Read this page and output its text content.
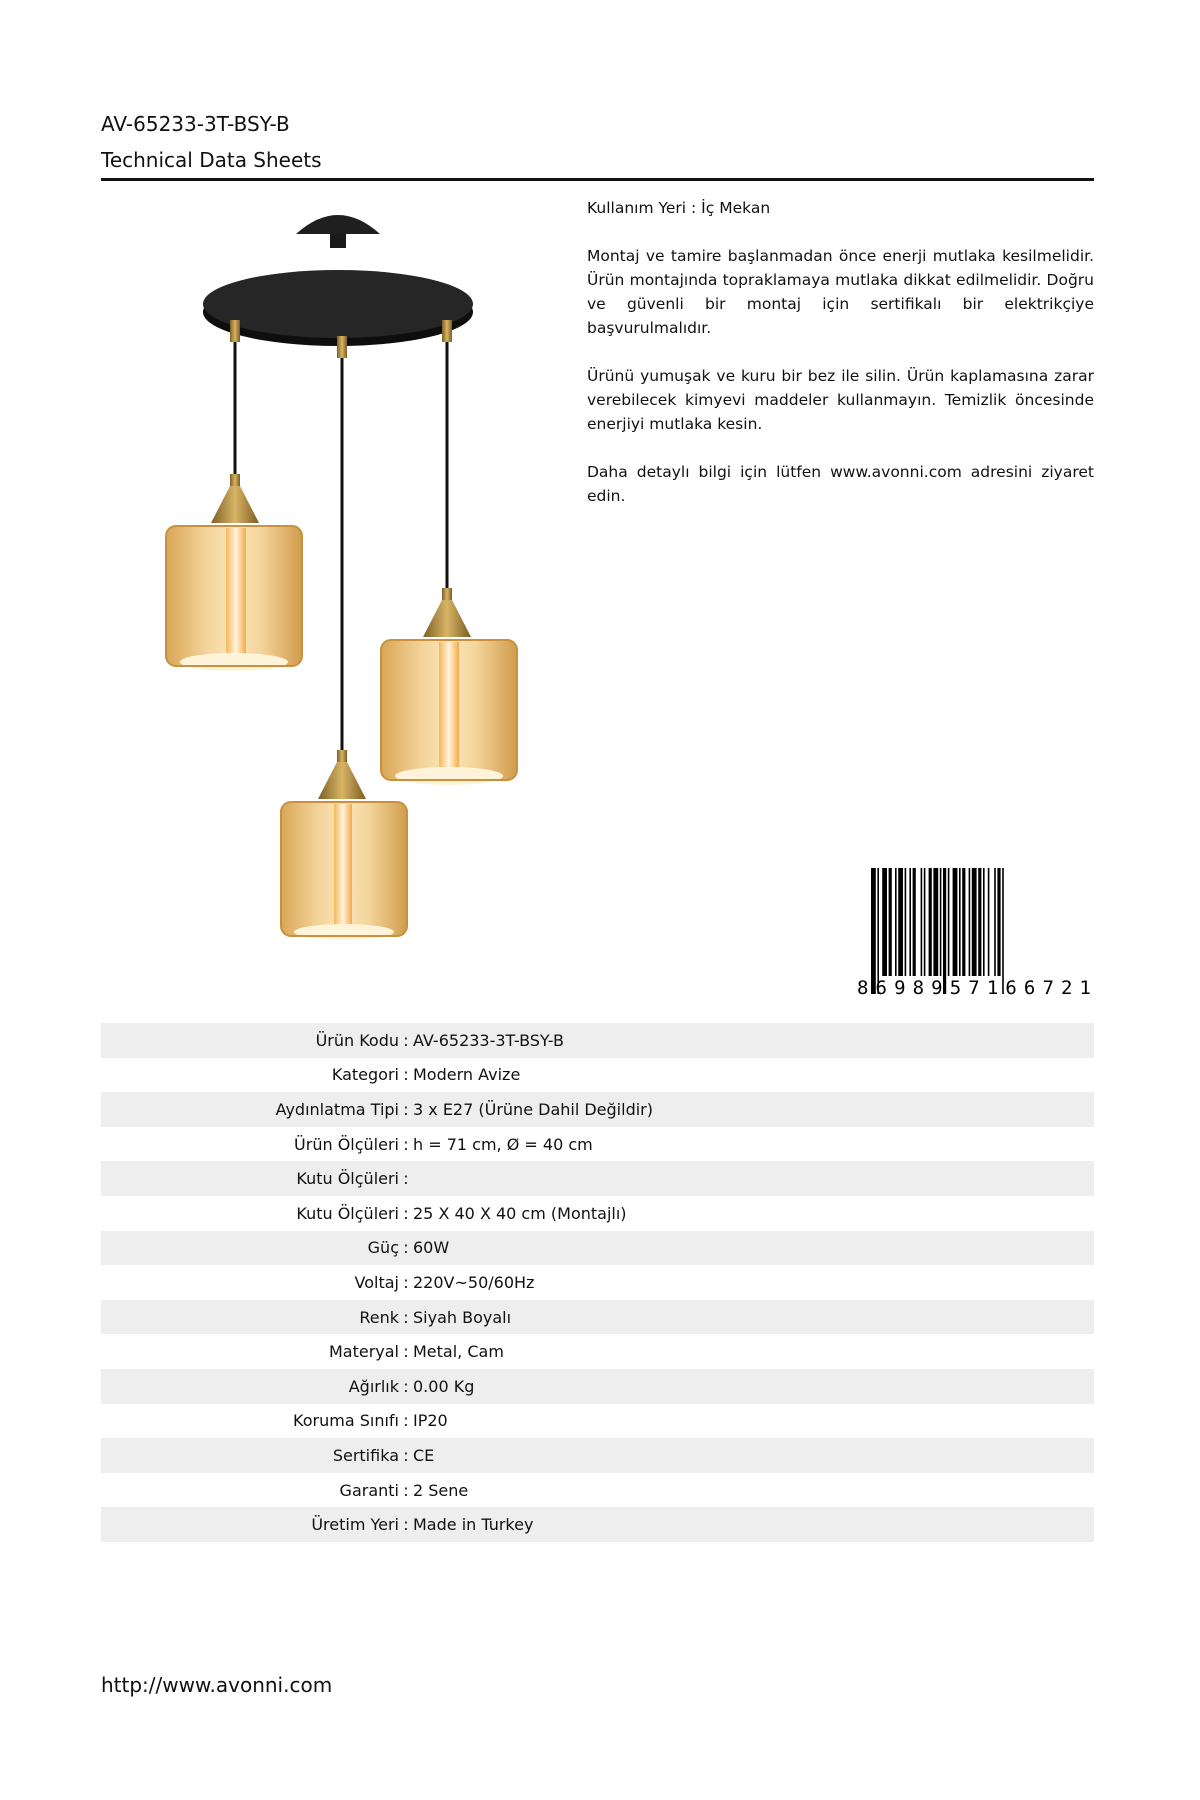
AV-65233-3T-BSY-B
Technical Data Sheets

Kullanım Yeri : İç Mekan

Montaj ve tamire başlanmadan önce enerji mutlaka kesilmelidir. Ürün montajında topraklamaya mutlaka dikkat edilmelidir. Doğru ve güvenli bir montaj için sertifikalı bir elektrikçiye başvurulmalıdır.

Ürünü yumuşak ve kuru bir bez ile silin. Ürün kaplamasına zarar verebilecek kimyevi maddeler kullanmayın. Temizlik öncesinde enerjiyi mutlaka kesin.

Daha detaylı bilgi için lütfen www.avonni.com adresini ziyaret edin.

8698957166721
Ürün Kodu : AV-65233-3T-BSY-B
Kategori : Modern Avize
Aydınlatma Tipi : 3 x E27 (Ürüne Dahil Değildir)
Ürün Ölçüleri : h = 71 cm, Ø = 40 cm
Kutu Ölçüleri :
Kutu Ölçüleri : 25 X 40 X 40 cm (Montajlı)
Güç : 60W
Voltaj : 220V~50/60Hz
Renk : Siyah Boyalı
Materyal : Metal, Cam
Ağırlık : 0.00 Kg
Koruma Sınıfı : IP20
Sertifika : CE
Garanti : 2 Sene
Üretim Yeri : Made in Turkey
http://www.avonni.com
